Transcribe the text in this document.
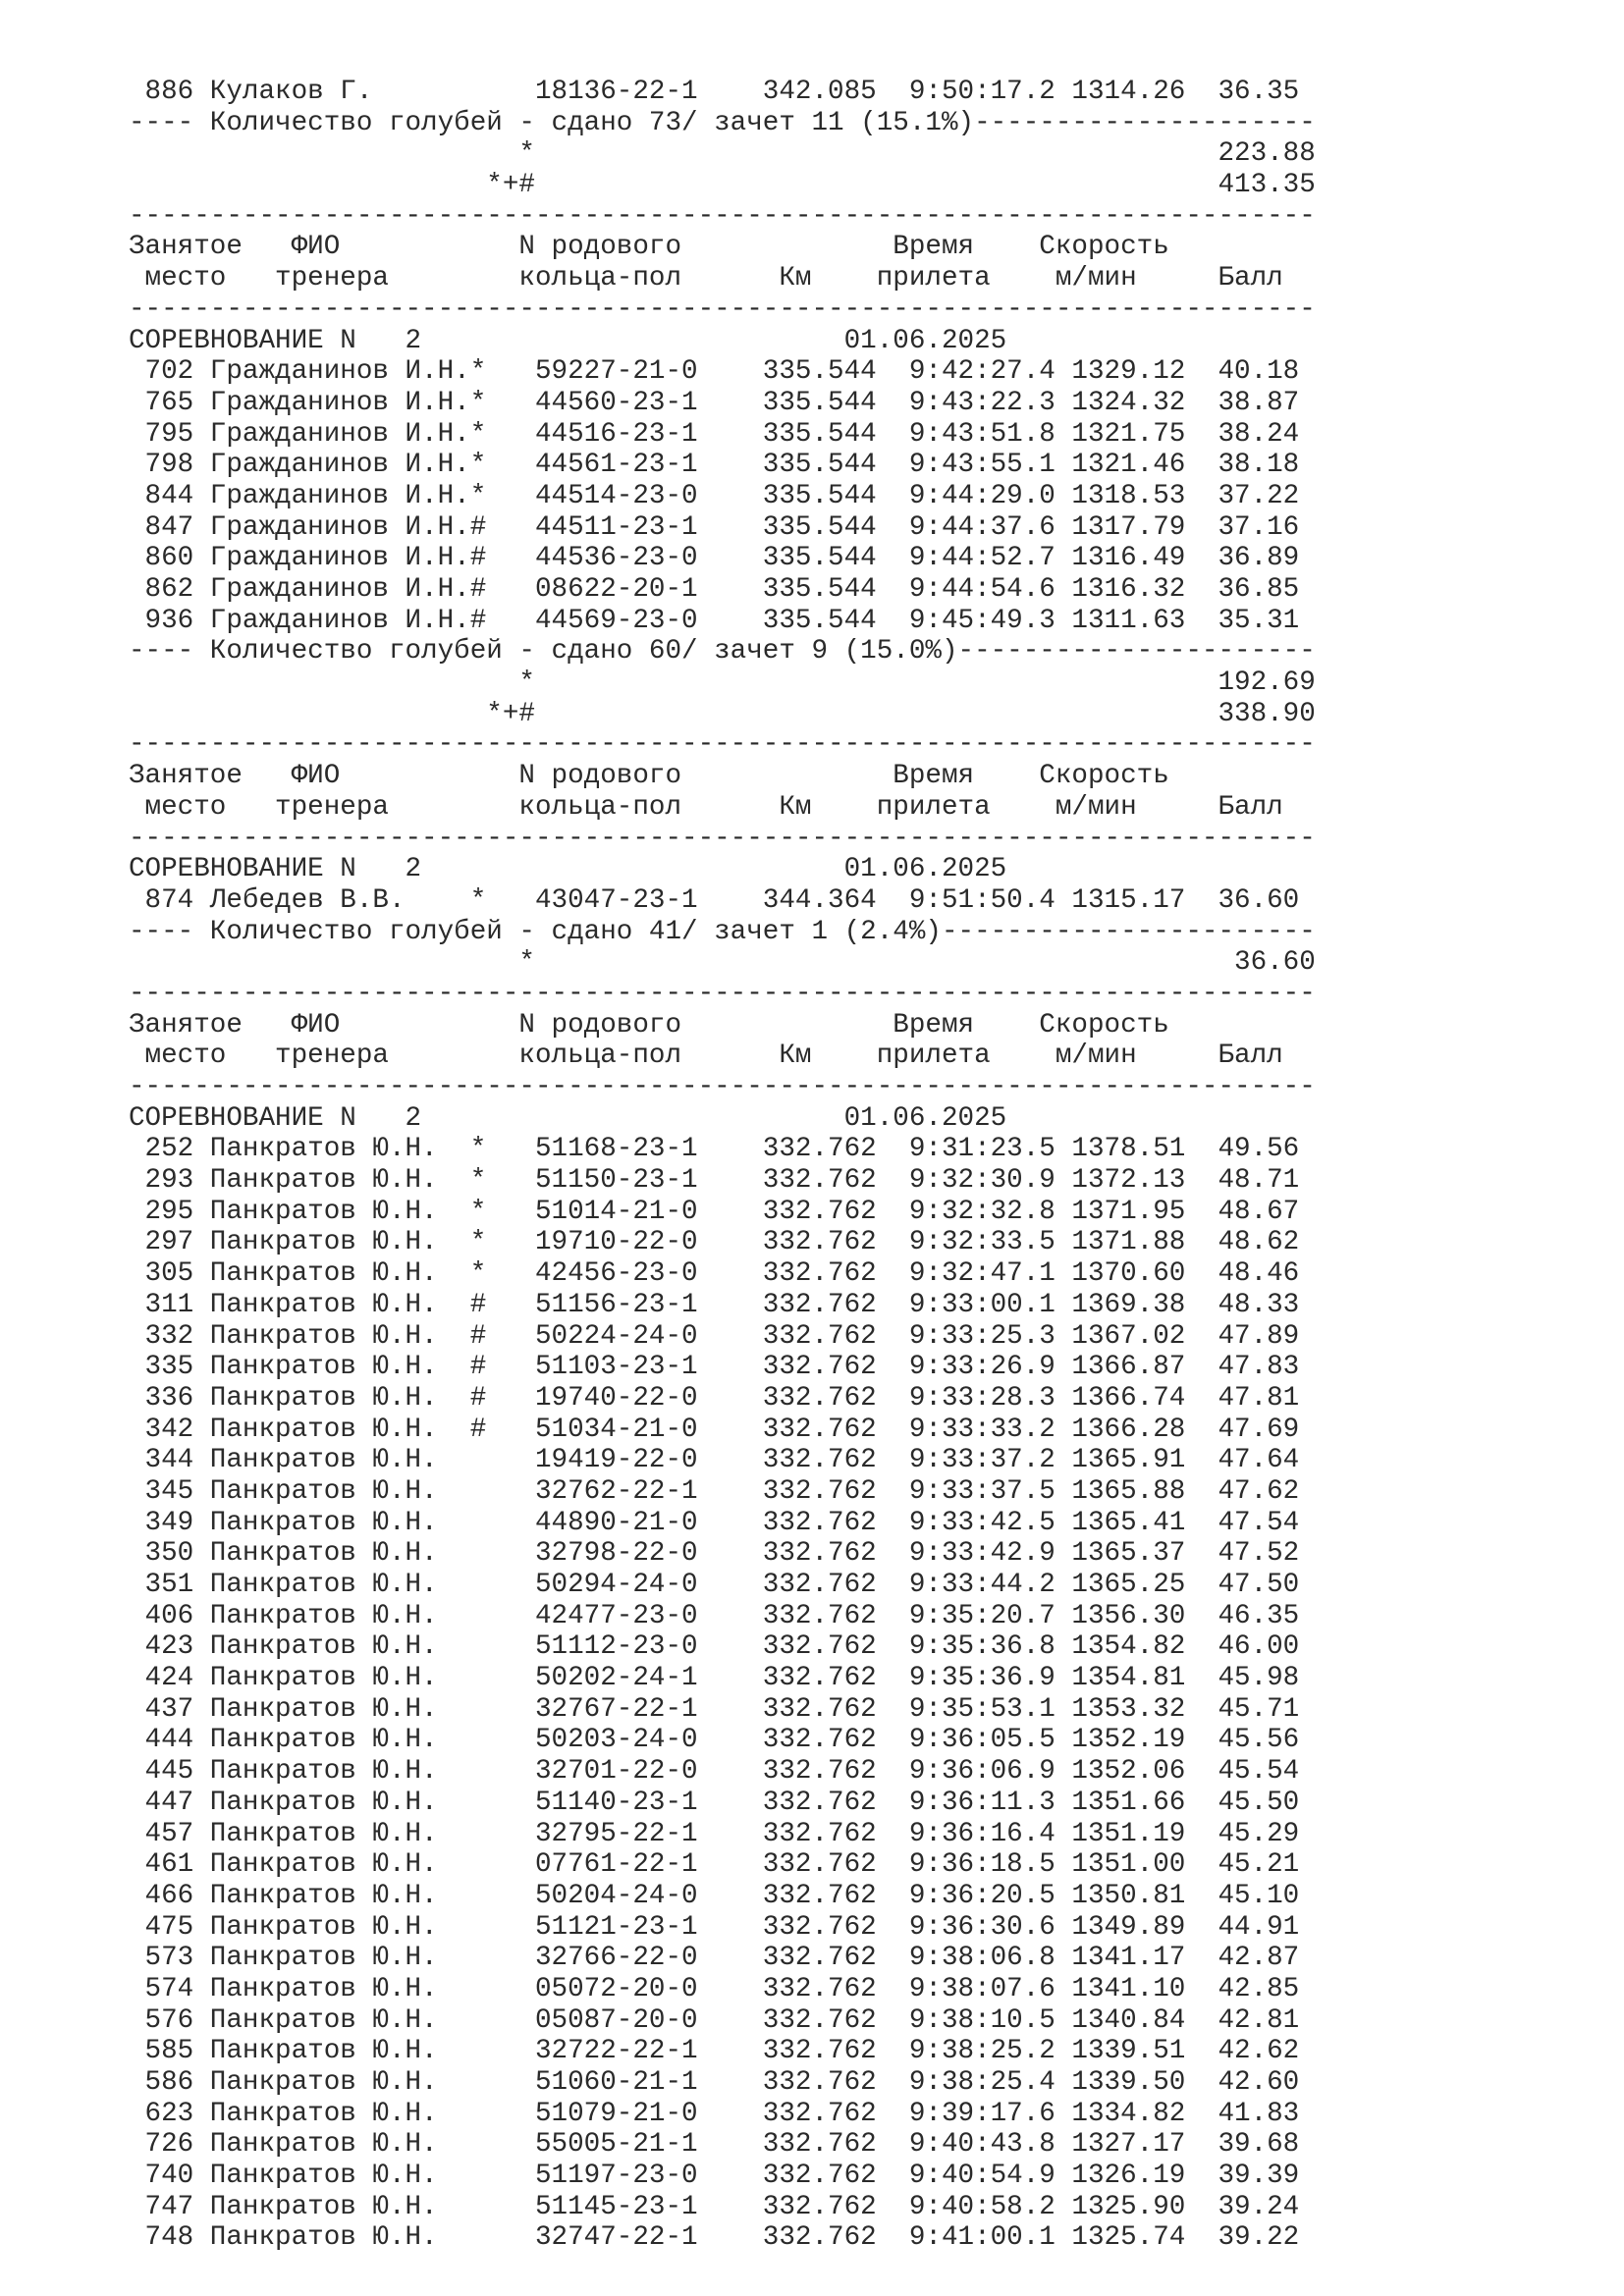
886 Кулаков Г.          18136-22-1    342.085  9:50:17.2 1314.26  36.35
---- Количество голубей - сдано 73/ зачет 11 (15.1%)---------------------
*                                          223.88
*+#                                          413.35
-------------------------------------------------------------------------
Занятое   ФИО           N родового             Время    Скорость
место   тренера        кольца-пол      Км    прилета    м/мин     Балл
-------------------------------------------------------------------------
СОРЕВНОВАНИЕ N   2                          01.06.2025
702 Гражданинов И.Н.*   59227-21-0    335.544  9:42:27.4 1329.12  40.18
765 Гражданинов И.Н.*   44560-23-1    335.544  9:43:22.3 1324.32  38.87
795 Гражданинов И.Н.*   44516-23-1    335.544  9:43:51.8 1321.75  38.24
798 Гражданинов И.Н.*   44561-23-1    335.544  9:43:55.1 1321.46  38.18
844 Гражданинов И.Н.*   44514-23-0    335.544  9:44:29.0 1318.53  37.22
847 Гражданинов И.Н.#   44511-23-1    335.544  9:44:37.6 1317.79  37.16
860 Гражданинов И.Н.#   44536-23-0    335.544  9:44:52.7 1316.49  36.89
862 Гражданинов И.Н.#   08622-20-1    335.544  9:44:54.6 1316.32  36.85
936 Гражданинов И.Н.#   44569-23-0    335.544  9:45:49.3 1311.63  35.31
---- Количество голубей - сдано 60/ зачет 9 (15.0%)----------------------
*                                          192.69
*+#                                          338.90
-------------------------------------------------------------------------
Занятое   ФИО           N родового             Время    Скорость
место   тренера        кольца-пол      Км    прилета    м/мин     Балл
-------------------------------------------------------------------------
СОРЕВНОВАНИЕ N   2                          01.06.2025
874 Лебедев В.В.    *   43047-23-1    344.364  9:51:50.4 1315.17  36.60
---- Количество голубей - сдано 41/ зачет 1 (2.4%)-----------------------
*                                           36.60
-------------------------------------------------------------------------
Занятое   ФИО           N родового             Время    Скорость
место   тренера        кольца-пол      Км    прилета    м/мин     Балл
-------------------------------------------------------------------------
СОРЕВНОВАНИЕ N   2                          01.06.2025
252 Панкратов Ю.Н.  *   51168-23-1    332.762  9:31:23.5 1378.51  49.56
293 Панкратов Ю.Н.  *   51150-23-1    332.762  9:32:30.9 1372.13  48.71
295 Панкратов Ю.Н.  *   51014-21-0    332.762  9:32:32.8 1371.95  48.67
297 Панкратов Ю.Н.  *   19710-22-0    332.762  9:32:33.5 1371.88  48.62
305 Панкратов Ю.Н.  *   42456-23-0    332.762  9:32:47.1 1370.60  48.46
311 Панкратов Ю.Н.  #   51156-23-1    332.762  9:33:00.1 1369.38  48.33
332 Панкратов Ю.Н.  #   50224-24-0    332.762  9:33:25.3 1367.02  47.89
335 Панкратов Ю.Н.  #   51103-23-1    332.762  9:33:26.9 1366.87  47.83
336 Панкратов Ю.Н.  #   19740-22-0    332.762  9:33:28.3 1366.74  47.81
342 Панкратов Ю.Н.  #   51034-21-0    332.762  9:33:33.2 1366.28  47.69
344 Панкратов Ю.Н.      19419-22-0    332.762  9:33:37.2 1365.91  47.64
345 Панкратов Ю.Н.      32762-22-1    332.762  9:33:37.5 1365.88  47.62
349 Панкратов Ю.Н.      44890-21-0    332.762  9:33:42.5 1365.41  47.54
350 Панкратов Ю.Н.      32798-22-0    332.762  9:33:42.9 1365.37  47.52
351 Панкратов Ю.Н.      50294-24-0    332.762  9:33:44.2 1365.25  47.50
406 Панкратов Ю.Н.      42477-23-0    332.762  9:35:20.7 1356.30  46.35
423 Панкратов Ю.Н.      51112-23-0    332.762  9:35:36.8 1354.82  46.00
424 Панкратов Ю.Н.      50202-24-1    332.762  9:35:36.9 1354.81  45.98
437 Панкратов Ю.Н.      32767-22-1    332.762  9:35:53.1 1353.32  45.71
444 Панкратов Ю.Н.      50203-24-0    332.762  9:36:05.5 1352.19  45.56
445 Панкратов Ю.Н.      32701-22-0    332.762  9:36:06.9 1352.06  45.54
447 Панкратов Ю.Н.      51140-23-1    332.762  9:36:11.3 1351.66  45.50
457 Панкратов Ю.Н.      32795-22-1    332.762  9:36:16.4 1351.19  45.29
461 Панкратов Ю.Н.      07761-22-1    332.762  9:36:18.5 1351.00  45.21
466 Панкратов Ю.Н.      50204-24-0    332.762  9:36:20.5 1350.81  45.10
475 Панкратов Ю.Н.      51121-23-1    332.762  9:36:30.6 1349.89  44.91
573 Панкратов Ю.Н.      32766-22-0    332.762  9:38:06.8 1341.17  42.87
574 Панкратов Ю.Н.      05072-20-0    332.762  9:38:07.6 1341.10  42.85
576 Панкратов Ю.Н.      05087-20-0    332.762  9:38:10.5 1340.84  42.81
585 Панкратов Ю.Н.      32722-22-1    332.762  9:38:25.2 1339.51  42.62
586 Панкратов Ю.Н.      51060-21-1    332.762  9:38:25.4 1339.50  42.60
623 Панкратов Ю.Н.      51079-21-0    332.762  9:39:17.6 1334.82  41.83
726 Панкратов Ю.Н.      55005-21-1    332.762  9:40:43.8 1327.17  39.68
740 Панкратов Ю.Н.      51197-23-0    332.762  9:40:54.9 1326.19  39.39
747 Панкратов Ю.Н.      51145-23-1    332.762  9:40:58.2 1325.90  39.24
748 Панкратов Ю.Н.      32747-22-1    332.762  9:41:00.1 1325.74  39.22
